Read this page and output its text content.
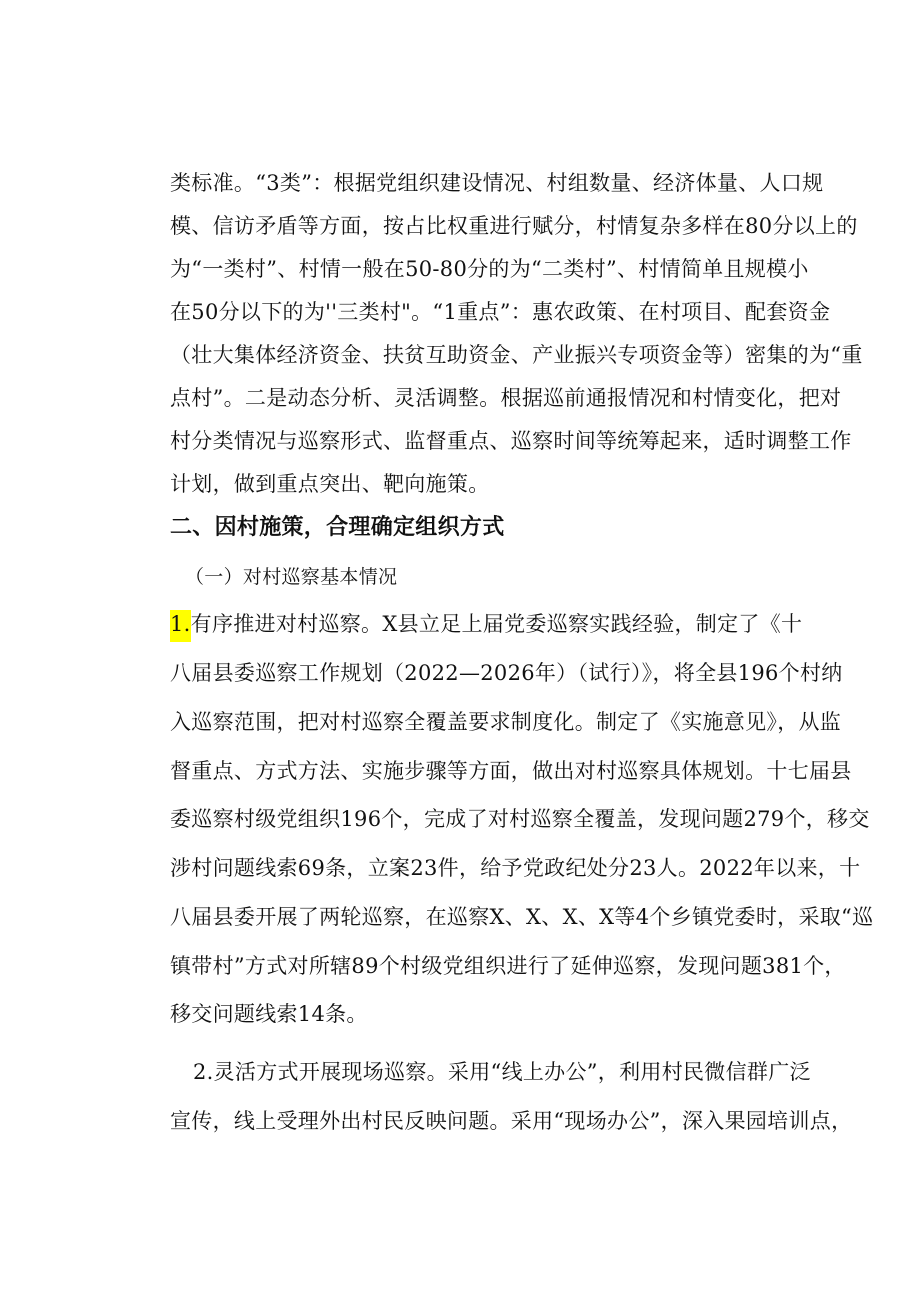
类标准。“3类”：根据党组织建设情况、村组数量、经济体量、人口规
模、信访矛盾等方面，按占比权重进行赋分，村情复杂多样在80分以上的
为“一类村”、村情一般在50-80分的为“二类村”、村情简单且规模小
在50分以下的为''三类村"。“1重点”：惠农政策、在村项目、配套资金
（壮大集体经济资金、扶贫互助资金、产业振兴专项资金等）密集的为“重
点村”。二是动态分析、灵活调整。根据巡前通报情况和村情变化，把对
村分类情况与巡察形式、监督重点、巡察时间等统筹起来，适时调整工作
计划，做到重点突出、靶向施策。
二、因村施策，合理确定组织方式
（一）对村巡察基本情况
1.有序推进对村巡察。X县立足上届党委巡察实践经验，制定了《十
八届县委巡察工作规划（2022—2026年）（试行）》，将全县196个村纳
入巡察范围，把对村巡察全覆盖要求制度化。制定了《实施意见》，从监
督重点、方式方法、实施步骤等方面，做出对村巡察具体规划。十七届县
委巡察村级党组织196个，完成了对村巡察全覆盖，发现问题279个，移交
涉村问题线索69条，立案23件，给予党政纪处分23人。2022年以来，十
八届县委开展了两轮巡察，在巡察X、X、X、X等4个乡镇党委时，采取“巡
镇带村”方式对所辖89个村级党组织进行了延伸巡察，发现问题381个，
移交问题线索14条。
2.灵活方式开展现场巡察。采用“线上办公”，利用村民微信群广泛
宣传，线上受理外出村民反映问题。采用“现场办公”，深入果园培训点，
